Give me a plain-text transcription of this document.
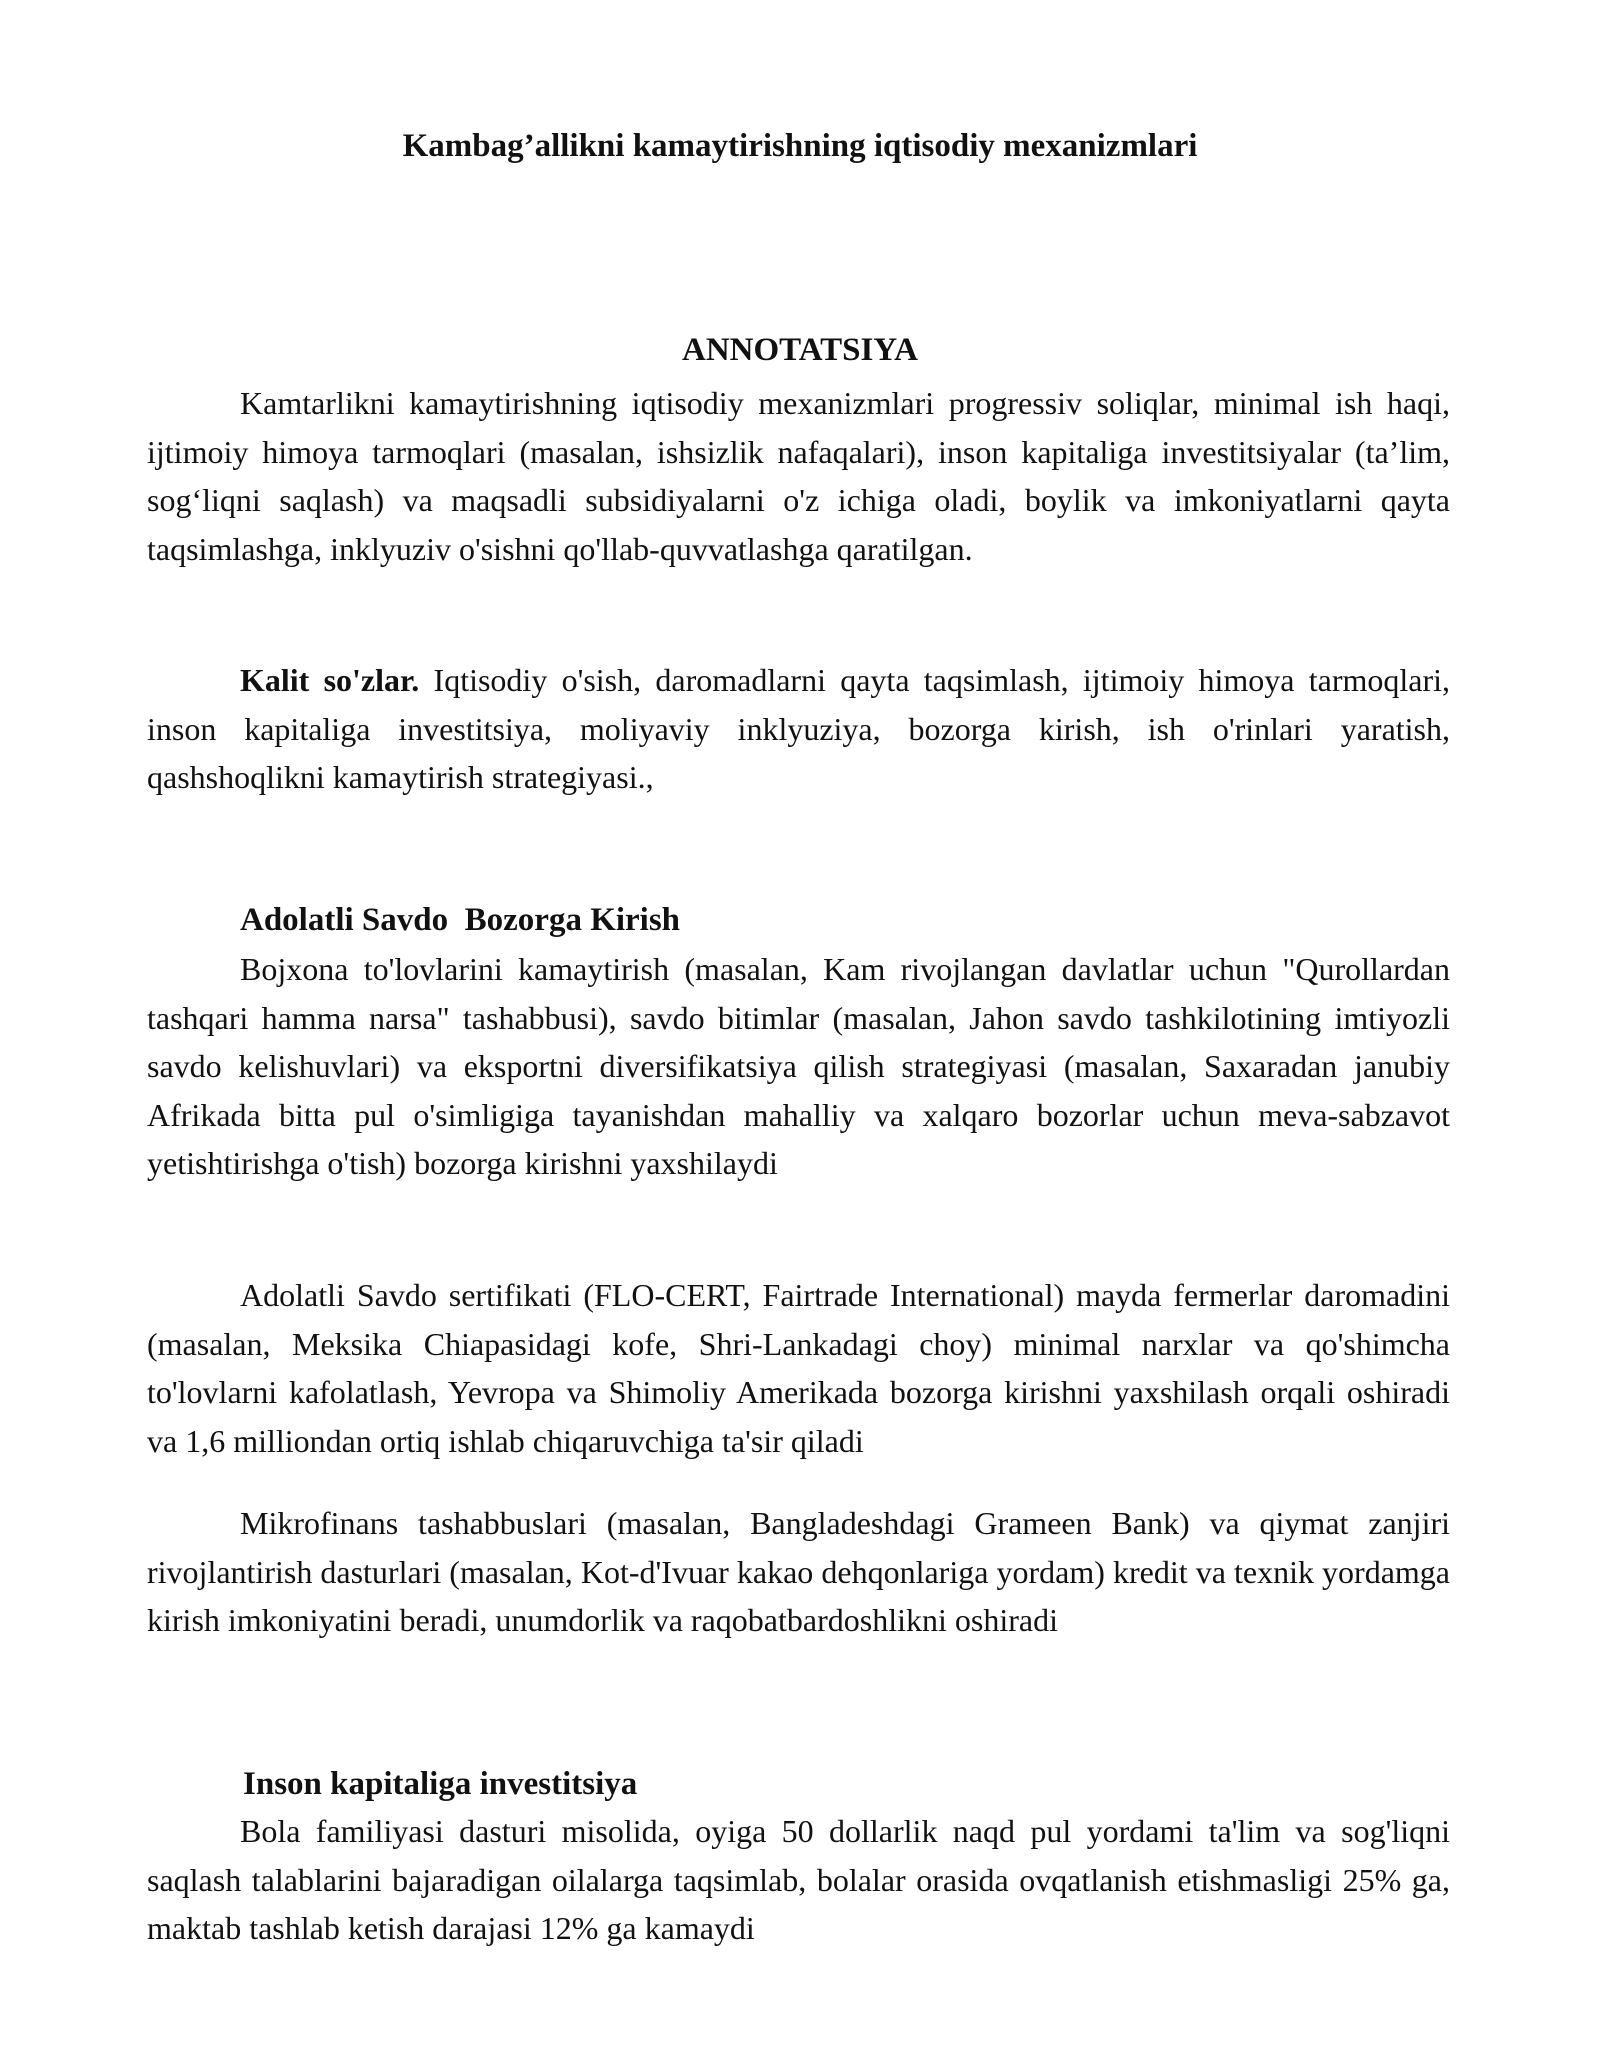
Kambag’allikni kamaytirishning iqtisodiy mexanizmlari
ANNOTATSIYA

Kamtarlikni kamaytirishning iqtisodiy mexanizmlari progressiv soliqlar, minimal ish haqi, ijtimoiy himoya tarmoqlari (masalan, ishsizlik nafaqalari), inson kapitaliga investitsiyalar (ta’lim, sog‘liqni saqlash) va maqsadli subsidiyalarni o'z ichiga oladi, boylik va imkoniyatlarni qayta taqsimlashga, inklyuziv o'sishni qo'llab-quvvatlashga qaratilgan.

Kalit so'zlar. Iqtisodiy o'sish, daromadlarni qayta taqsimlash, ijtimoiy himoya tarmoqlari, inson kapitaliga investitsiya, moliyaviy inklyuziya, bozorga kirish, ish o'rinlari yaratish, qashshoqlikni kamaytirish strategiyasi.,

Adolatli Savdo  Bozorga Kirish

Bojxona to'lovlarini kamaytirish (masalan, Kam rivojlangan davlatlar uchun "Qurollardan tashqari hamma narsa" tashabbusi), savdo bitimlar (masalan, Jahon savdo tashkilotining imtiyozli savdo kelishuvlari) va eksportni diversifikatsiya qilish strategiyasi (masalan, Saxaradan janubiy Afrikada bitta pul o'simligiga tayanishdan mahalliy va xalqaro bozorlar uchun meva-sabzavot yetishtirishga o'tish) bozorga kirishni yaxshilaydi

Adolatli Savdo sertifikati (FLO-CERT, Fairtrade International) mayda fermerlar daromadini (masalan, Meksika Chiapasidagi kofe, Shri-Lankadagi choy) minimal narxlar va qo'shimcha to'lovlarni kafolatlash, Yevropa va Shimoliy Amerikada bozorga kirishni yaxshilash orqali oshiradi va 1,6 milliondan ortiq ishlab chiqaruvchiga ta'sir qiladi

Mikrofinans tashabbuslari (masalan, Bangladeshdagi Grameen Bank) va qiymat zanjiri rivojlantirish dasturlari (masalan, Kot-d'Ivuar kakao dehqonlariga yordam) kredit va texnik yordamga kirish imkoniyatini beradi, unumdorlik va raqobatbardoshlikni oshiradi

Inson kapitaliga investitsiya

Bola familiyasi dasturi misolida, oyiga 50 dollarlik naqd pul yordami ta'lim va sog'liqni saqlash talablarini bajaradigan oilalarga taqsimlab, bolalar orasida ovqatlanish etishmasligi 25% ga, maktab tashlab ketish darajasi 12% ga kamaydi
